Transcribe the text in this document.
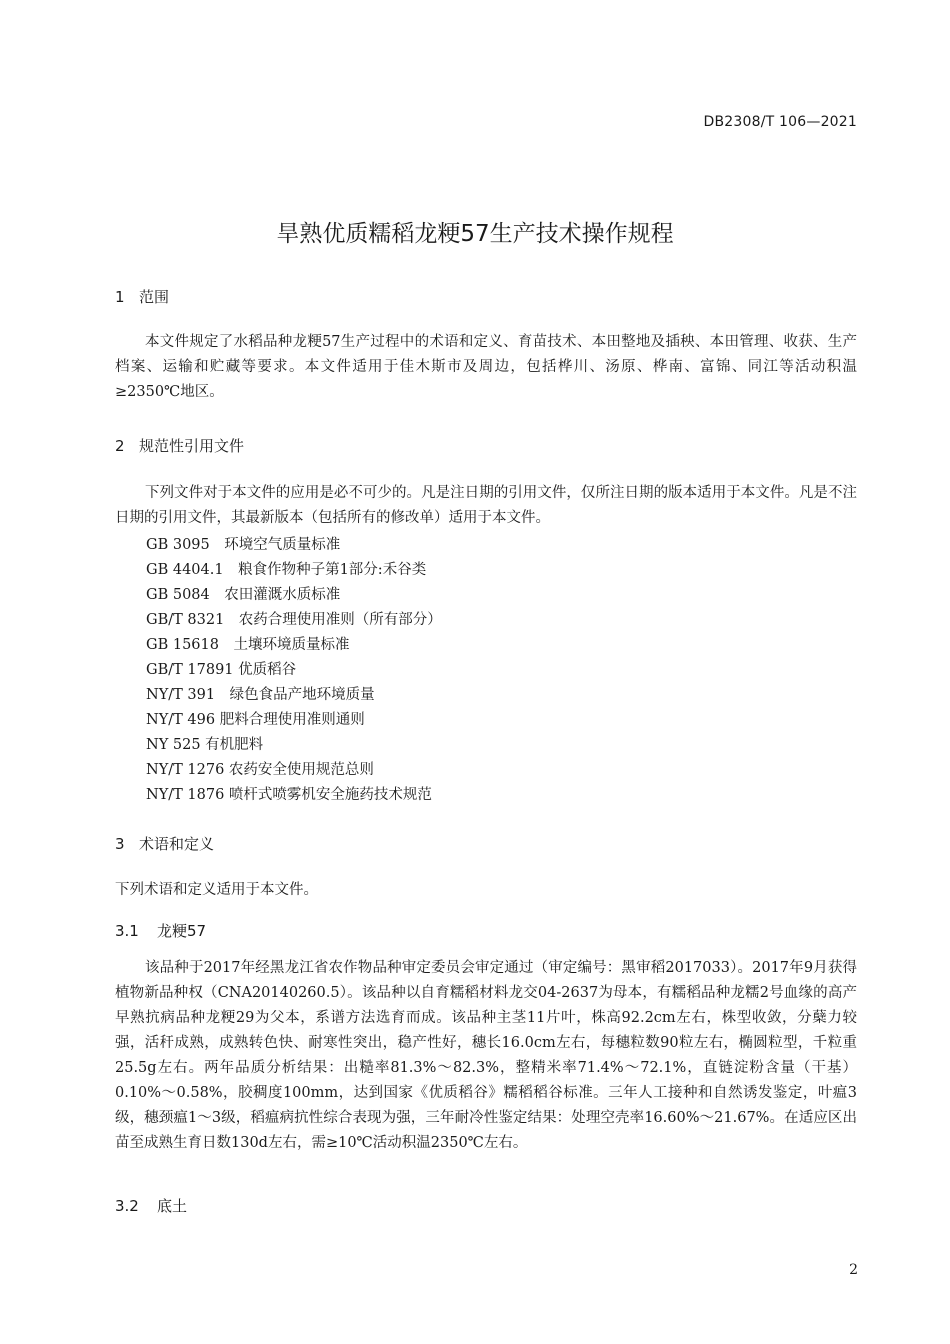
DB2308/T 106—2021
旱熟优质糯稻龙粳57生产技术操作规程
1 范围

本文件规定了水稻品种龙粳57生产过程中的术语和定义、育苗技术、本田整地及插秧、本田管理、收获、生产档案、运输和贮藏等要求。本文件适用于佳木斯市及周边，包括桦川、汤原、桦南、富锦、同江等活动积温≥2350℃地区。

2 规范性引用文件

下列文件对于本文件的应用是必不可少的。凡是注日期的引用文件，仅所注日期的版本适用于本文件。凡是不注日期的引用文件，其最新版本（包括所有的修改单）适用于本文件。

GB 3095　环境空气质量标准
GB 4404.1　粮食作物种子第1部分:禾谷类
GB 5084　农田灌溉水质标准
GB/T 8321　农药合理使用准则（所有部分）
GB 15618　土壤环境质量标准
GB/T 17891 优质稻谷
NY/T 391　绿色食品产地环境质量
NY/T 496 肥料合理使用准则通则
NY 525 有机肥料
NY/T 1276 农药安全使用规范总则
NY/T 1876 喷杆式喷雾机安全施药技术规范
3 术语和定义

下列术语和定义适用于本文件。

3.1 龙粳57

该品种于2017年经黑龙江省农作物品种审定委员会审定通过（审定编号：黑审稻2017033）。2017年9月获得植物新品种权（CNA20140260.5）。该品种以自育糯稻材料龙交04-2637为母本，有糯稻品种龙糯2号血缘的高产早熟抗病品种龙粳29为父本，系谱方法选育而成。该品种主茎11片叶，株高92.2cm左右，株型收敛，分蘖力较强，活秆成熟，成熟转色快、耐寒性突出，稳产性好，穗长16.0cm左右，每穗粒数90粒左右，椭圆粒型，千粒重25.5g左右。两年品质分析结果：出糙率81.3%～82.3%，整精米率71.4%～72.1%，直链淀粉含量（干基）0.10%～0.58%，胶稠度100mm，达到国家《优质稻谷》糯稻稻谷标准。三年人工接种和自然诱发鉴定，叶瘟3级，穗颈瘟1～3级，稻瘟病抗性综合表现为强，三年耐冷性鉴定结果：处理空壳率16.60%～21.67%。在适应区出苗至成熟生育日数130d左右，需≥10℃活动积温2350℃左右。

3.2 底土
2
